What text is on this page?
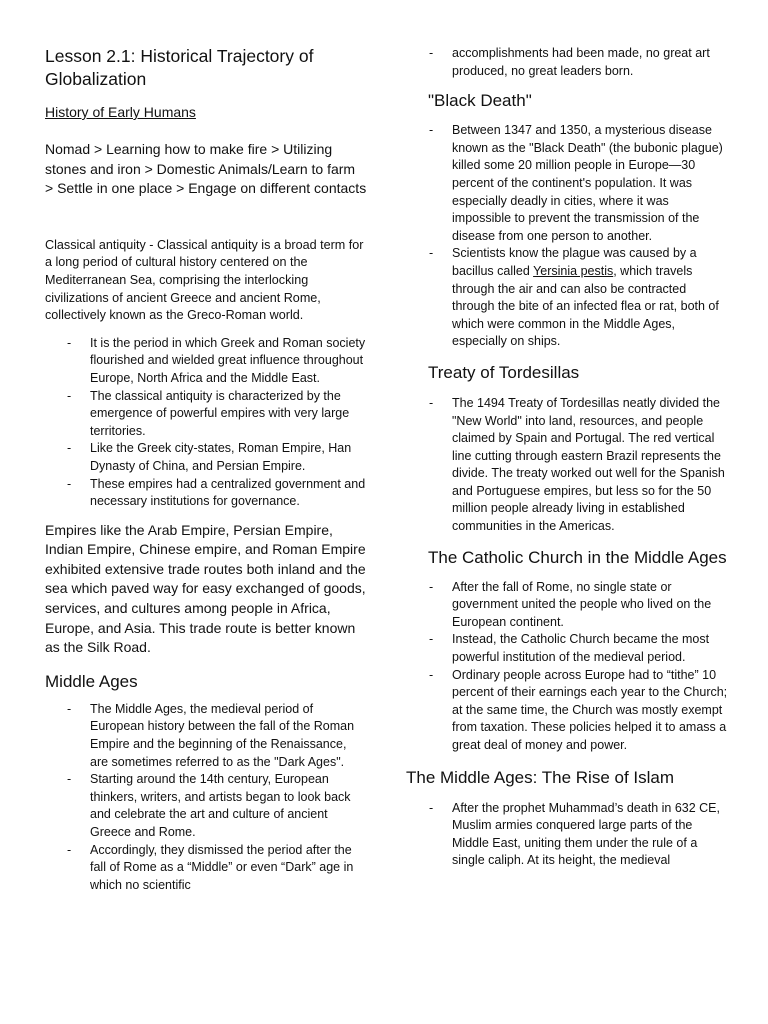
Lesson 2.1: Historical Trajectory of Globalization

History of Early Humans

Nomad > Learning how to make fire > Utilizing stones and iron > Domestic Animals/Learn to farm > Settle in one place > Engage on different contacts

Classical antiquity - Classical antiquity is a broad term for a long period of cultural history centered on the Mediterranean Sea, comprising the interlocking civilizations of ancient Greece and ancient Rome, collectively known as the Greco-Roman world.

- It is the period in which Greek and Roman society flourished and wielded great influence throughout Europe, North Africa and the Middle East.
- The classical antiquity is characterized by the emergence of powerful empires with very large territories.
- Like the Greek city-states, Roman Empire, Han Dynasty of China, and Persian Empire.
- These empires had a centralized government and necessary institutions for governance.

Empires like the Arab Empire, Persian Empire, Indian Empire, Chinese empire, and Roman Empire exhibited extensive trade routes both inland and the sea which paved way for easy exchanged of goods, services, and cultures among people in Africa, Europe, and Asia. This trade route is better known as the Silk Road.

Middle Ages
- The Middle Ages, the medieval period of European history between the fall of the Roman Empire and the beginning of the Renaissance, are sometimes referred to as the "Dark Ages".
- Starting around the 14th century, European thinkers, writers, and artists began to look back and celebrate the art and culture of ancient Greece and Rome.
- Accordingly, they dismissed the period after the fall of Rome as a “Middle” or even “Dark” age in which no scientific
- accomplishments had been made, no great art produced, no great leaders born.
"Black Death"
- Between 1347 and 1350, a mysterious disease known as the "Black Death" (the bubonic plague) killed some 20 million people in Europe—30 percent of the continent's population. It was especially deadly in cities, where it was impossible to prevent the transmission of the disease from one person to another.
- Scientists know the plague was caused by a bacillus called Yersinia pestis, which travels through the air and can also be contracted through the bite of an infected flea or rat, both of which were common in the Middle Ages, especially on ships.
Treaty of Tordesillas
- The 1494 Treaty of Tordesillas neatly divided the "New World" into land, resources, and people claimed by Spain and Portugal. The red vertical line cutting through eastern Brazil represents the divide. The treaty worked out well for the Spanish and Portuguese empires, but less so for the 50 million people already living in established communities in the Americas.
The Catholic Church in the Middle Ages
- After the fall of Rome, no single state or government united the people who lived on the European continent.
- Instead, the Catholic Church became the most powerful institution of the medieval period.
- Ordinary people across Europe had to “tithe” 10 percent of their earnings each year to the Church; at the same time, the Church was mostly exempt from taxation. These policies helped it to amass a great deal of money and power.
The Middle Ages: The Rise of Islam
- After the prophet Muhammad’s death in 632 CE, Muslim armies conquered large parts of the Middle East, uniting them under the rule of a single caliph. At its height, the medieval
